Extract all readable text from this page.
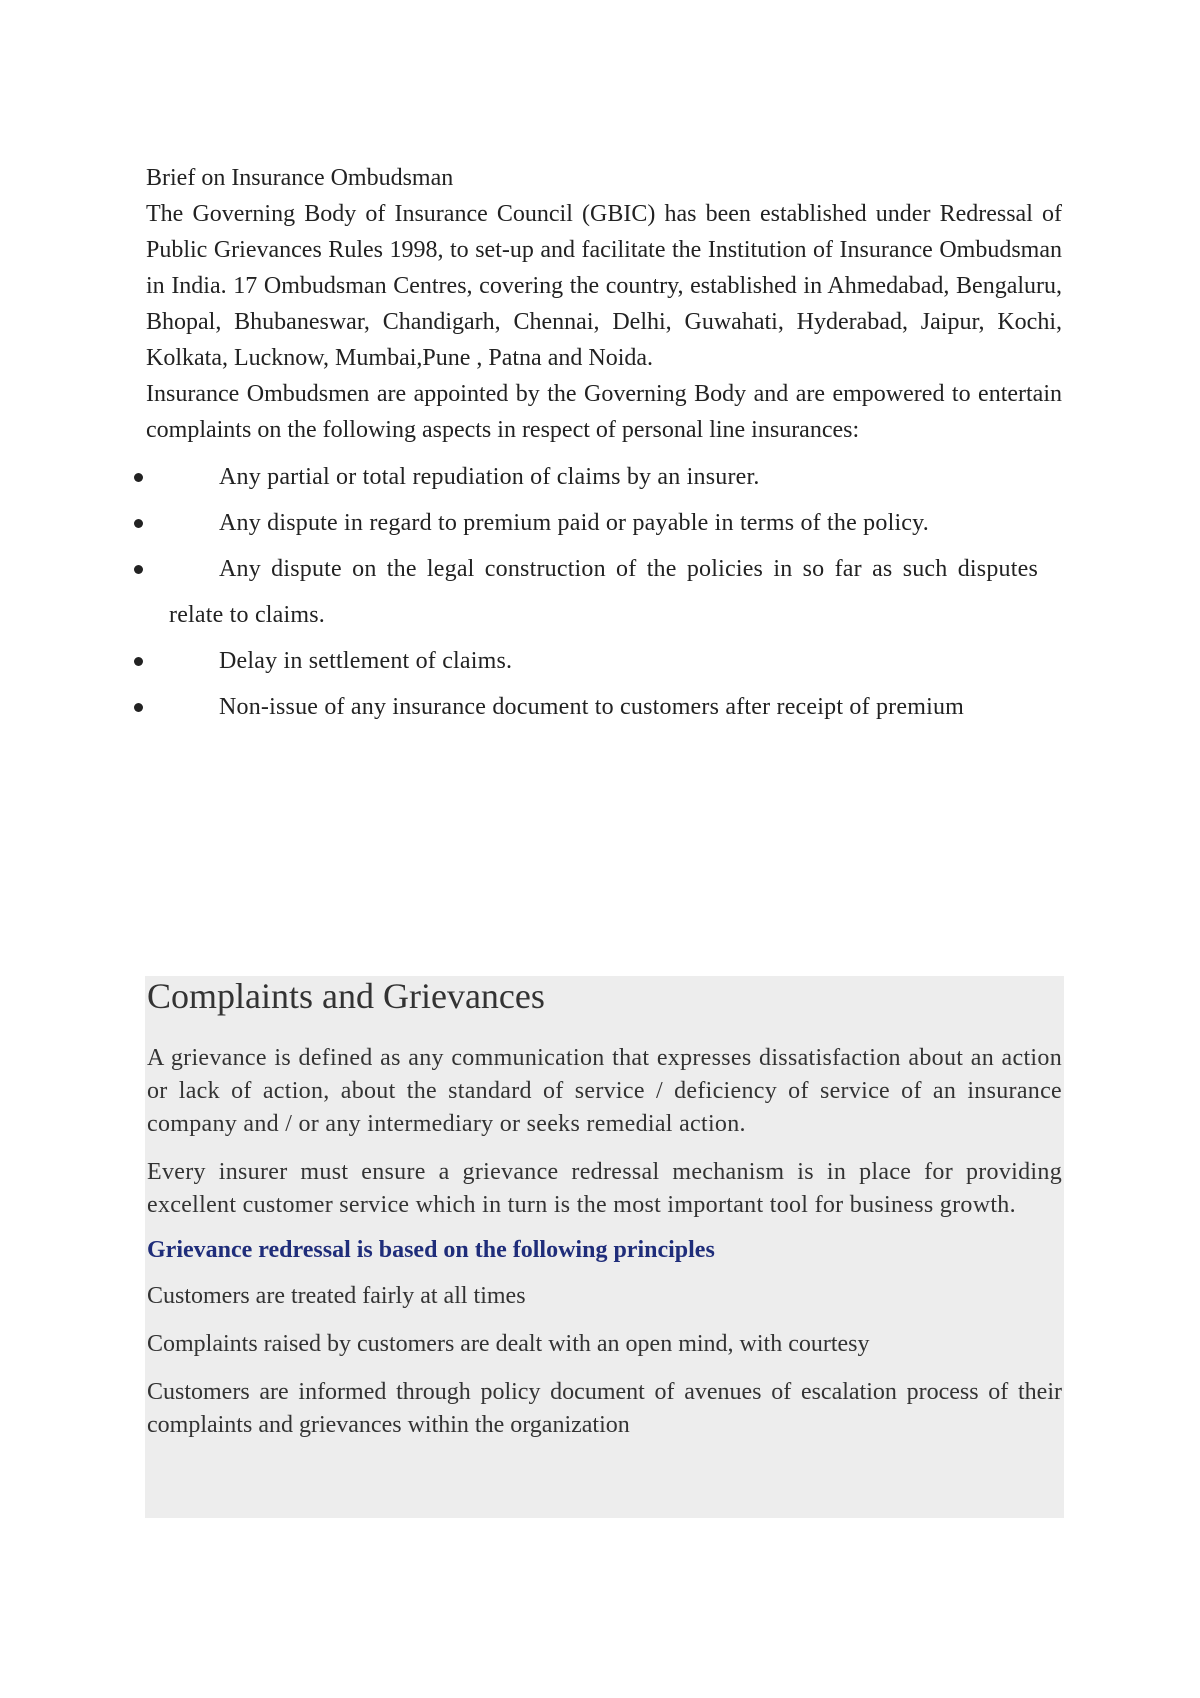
Brief on Insurance Ombudsman

The Governing Body of Insurance Council (GBIC) has been established under Redressal of Public Grievances Rules 1998, to set-up and facilitate the Institution of Insurance Ombudsman in India. 17 Ombudsman Centres, covering the country, established in Ahmedabad, Bengaluru, Bhopal, Bhubaneswar, Chandigarh, Chennai, Delhi, Guwahati, Hyderabad, Jaipur, Kochi, Kolkata, Lucknow, Mumbai,Pune , Patna and Noida.

Insurance Ombudsmen are appointed by the Governing Body and are empowered to entertain complaints on the following aspects in respect of personal line insurances:

Any partial or total repudiation of claims by an insurer.
Any dispute in regard to premium paid or payable in terms of the policy.
Any dispute on the legal construction of the policies in so far as such disputes relate to claims.
Delay in settlement of claims.
Non-issue of any insurance document to customers after receipt of premium
Complaints and Grievances

A grievance is defined as any communication that expresses dissatisfaction about an action or lack of action, about the standard of service / deficiency of service of an insurance company and / or any intermediary or seeks remedial action.

Every insurer must ensure a grievance redressal mechanism is in place for providing excellent customer service which in turn is the most important tool for business growth.

Grievance redressal is based on the following principles

Customers are treated fairly at all times

Complaints raised by customers are dealt with an open mind, with courtesy

Customers are informed through policy document of avenues of escalation process of their complaints and grievances within the organization
